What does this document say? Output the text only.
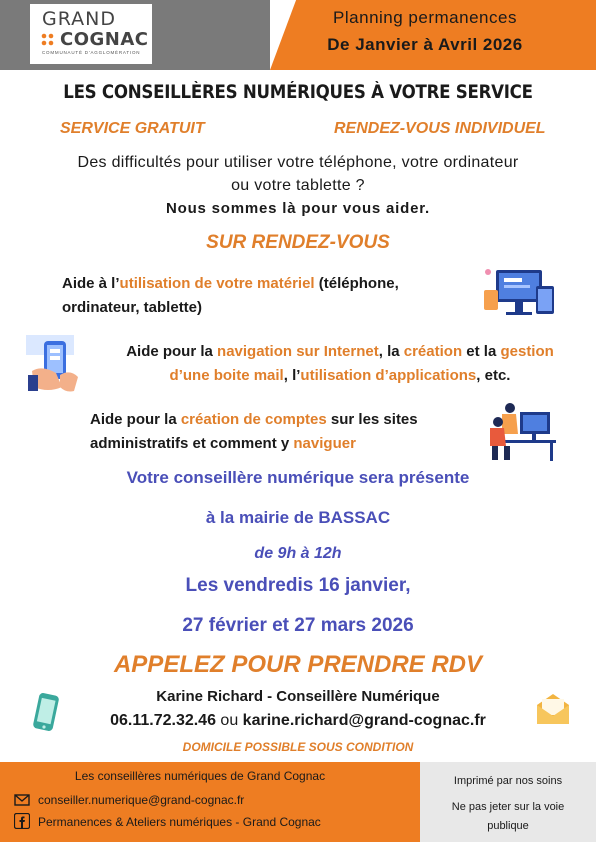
GRAND
COGNAC
COMMUNAUTÉ D'AGGLOMÉRATION
Planning permanences
De Janvier à Avril 2026
LES CONSEILLÈRES NUMÉRIQUES À VOTRE SERVICE
SERVICE GRATUIT	RENDEZ-VOUS INDIVIDUEL
Des difficultés pour utiliser votre téléphone, votre ordinateur
ou votre tablette ?
Nous sommes là pour vous aider.
SUR RENDEZ-VOUS
Aide à l’utilisation de votre matériel (téléphone,
ordinateur, tablette)
Aide pour la navigation sur Internet, la création et la gestion
d’une boite mail, l’utilisation d’applications, etc.
Aide pour la création de comptes sur les sites
administratifs et comment y naviguer
Votre conseillère numérique sera présente
à la mairie de BASSAC
de 9h à 12h
Les vendredis 16 janvier,
27 février et 27 mars 2026
APPELEZ POUR PRENDRE RDV
Karine Richard - Conseillère Numérique
06.11.72.32.46 ou karine.richard@grand-cognac.fr
DOMICILE POSSIBLE SOUS CONDITION
Les conseillères numériques de Grand Cognac
conseiller.numerique@grand-cognac.fr
Permanences & Ateliers numériques - Grand Cognac
Imprimé par nos soins
Ne pas jeter sur la voie
publique
